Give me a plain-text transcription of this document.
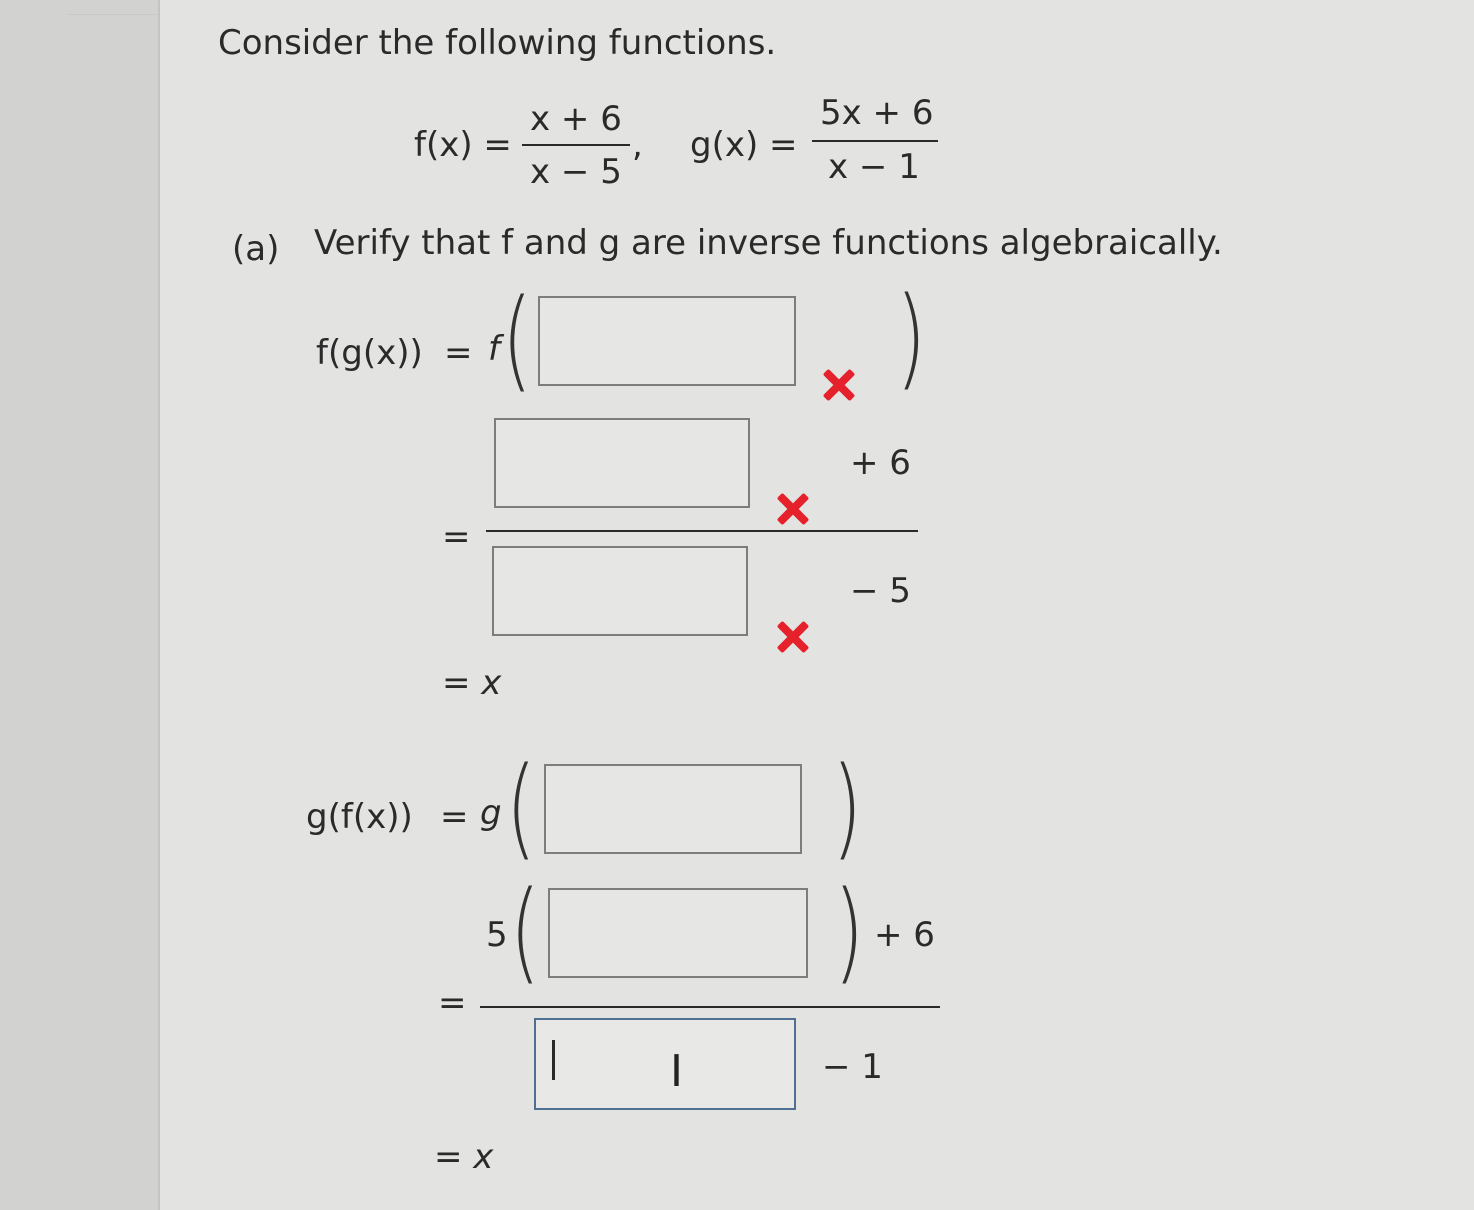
Consider the following functions.
f(x) =
x + 6
x − 5
, g(x) =
5x + 6
x − 1
(a) Verify that f and g are inverse functions algebraically.
f(g(x)) = f (	)
=
+ 6
− 5
= x
g(f(x)) = g (	)
=
5 (	) + 6
I	− 1
= x
